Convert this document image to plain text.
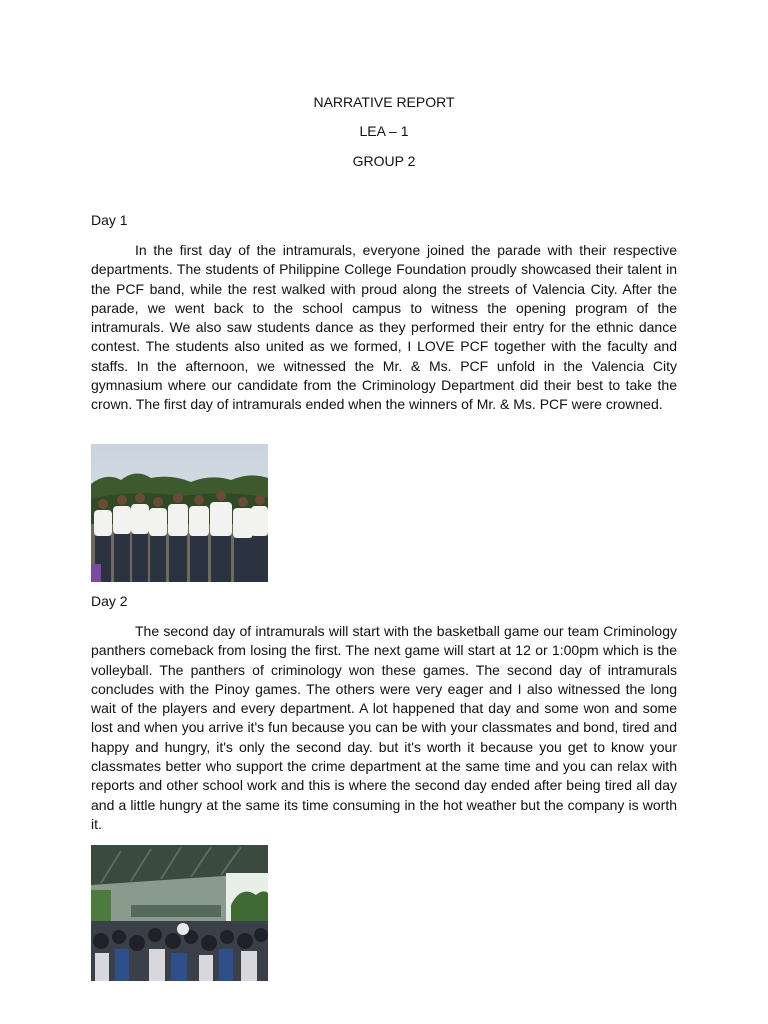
NARRATIVE REPORT
LEA – 1
GROUP 2
Day 1

In the first day of the intramurals, everyone joined the parade with their respective departments. The students of Philippine College Foundation proudly showcased their talent in the PCF band, while the rest walked with proud along the streets of Valencia City. After the parade, we went back to the school campus to witness the opening program of the intramurals. We also saw students dance as they performed their entry for the ethnic dance contest. The students also united as we formed, I LOVE PCF together with the faculty and staffs. In the afternoon, we witnessed the Mr. & Ms. PCF unfold in the Valencia City gymnasium where our candidate from the Criminology Department did their best to take the crown. The first day of intramurals ended when the winners of Mr. & Ms. PCF were crowned.

Day 2

The second day of intramurals will start with the basketball game our team Criminology panthers comeback from losing the first. The next game will start at 12 or 1:00pm which is the volleyball. The panthers of criminology won these games. The second day of intramurals concludes with the Pinoy games. The others were very eager and I also witnessed the long wait of the players and every department. A lot happened that day and some won and some lost and when you arrive it's fun because you can be with your classmates and bond, tired and happy and hungry, it's only the second day. but it's worth it because you get to know your classmates better who support the crime department at the same time and you can relax with reports and other school work and this is where the second day ended after being tired all day and a little hungry at the same its time consuming in the hot weather but the company is worth it.
